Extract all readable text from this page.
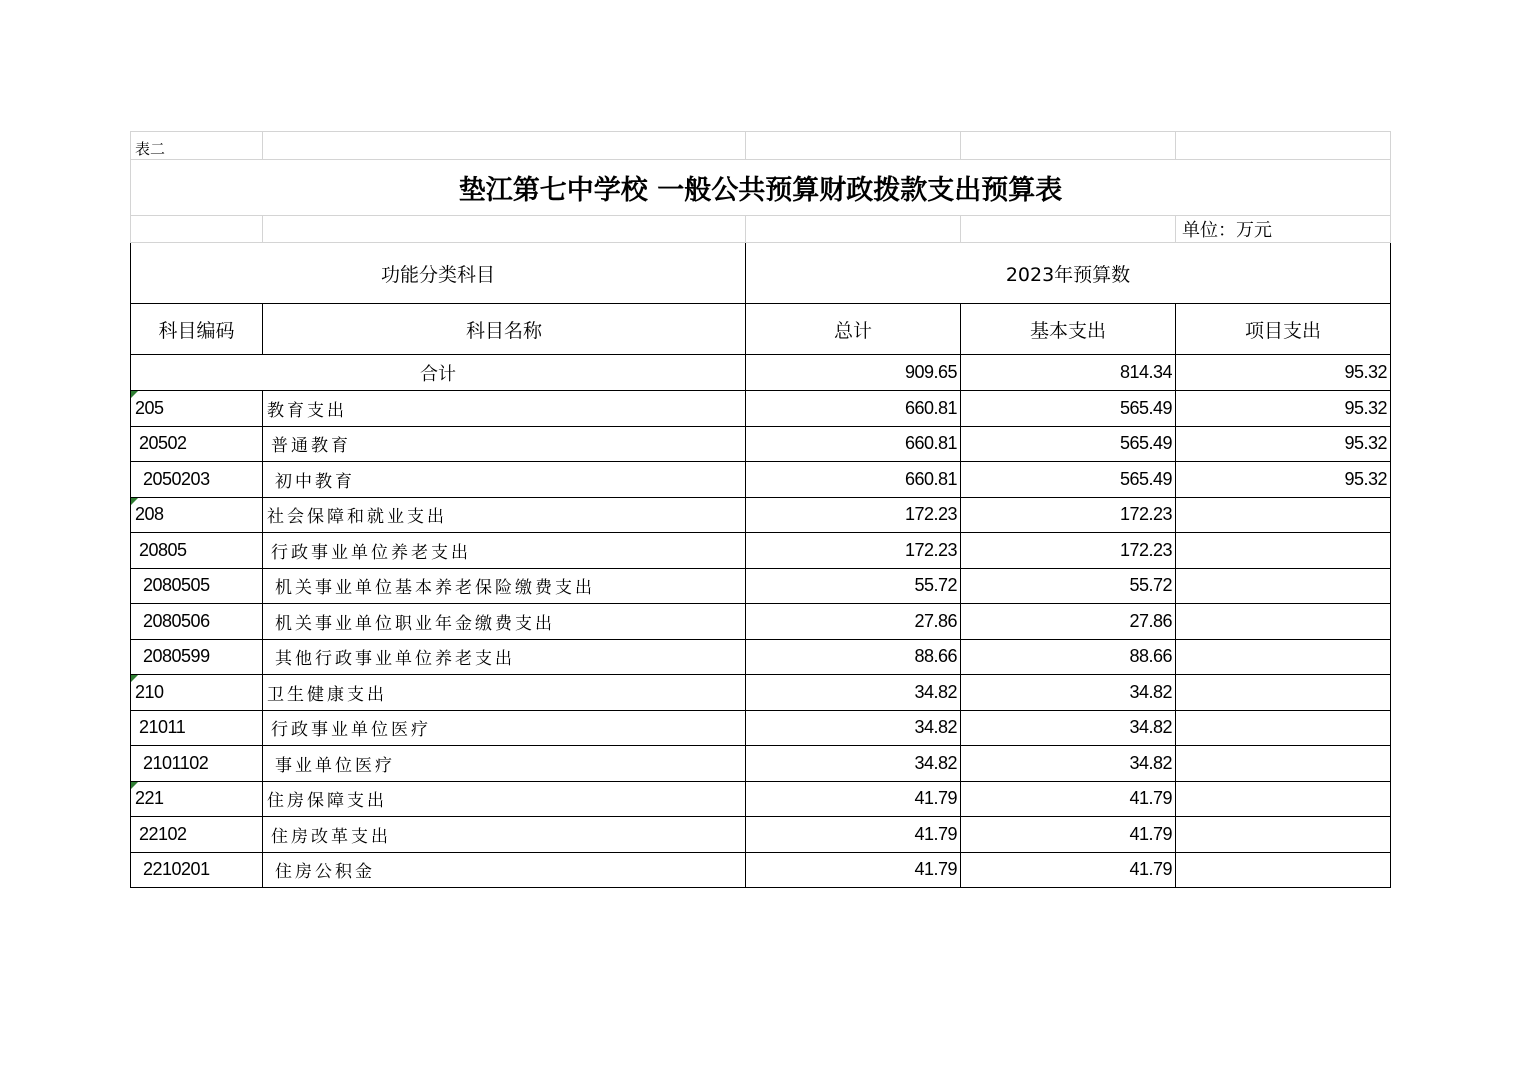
表二				
垫江第七中学校 一般公共预算财政拨款支出预算表				
				单位：万元
功能分类科目		2023年预算数		
科目编码	科目名称	总计	基本支出	项目支出
合计		909.65	814.34	95.32
205	教育支出	660.81	565.49	95.32
20502	普通教育	660.81	565.49	95.32
2050203	初中教育	660.81	565.49	95.32
208	社会保障和就业支出	172.23	172.23	
20805	行政事业单位养老支出	172.23	172.23	
2080505	机关事业单位基本养老保险缴费支出	55.72	55.72	
2080506	机关事业单位职业年金缴费支出	27.86	27.86	
2080599	其他行政事业单位养老支出	88.66	88.66	
210	卫生健康支出	34.82	34.82	
21011	行政事业单位医疗	34.82	34.82	
2101102	事业单位医疗	34.82	34.82	
221	住房保障支出	41.79	41.79	
22102	住房改革支出	41.79	41.79	
2210201	住房公积金	41.79	41.79	
